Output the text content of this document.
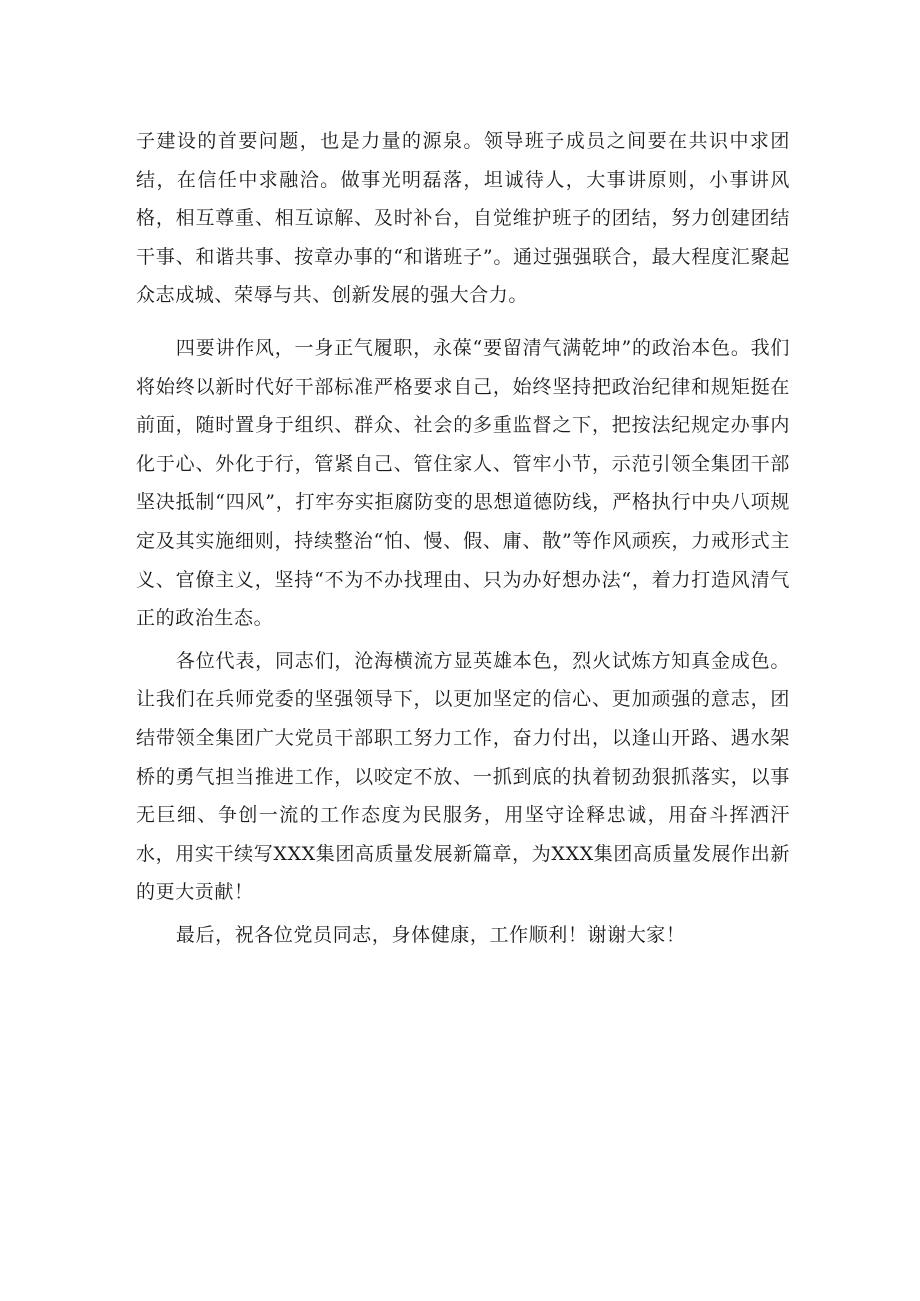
子建设的首要问题，也是力量的源泉。领导班子成员之间要在共识中求团结，在信任中求融洽。做事光明磊落，坦诚待人，大事讲原则，小事讲风格，相互尊重、相互谅解、及时补台，自觉维护班子的团结，努力创建团结干事、和谐共事、按章办事的“和谐班子”。通过强强联合，最大程度汇聚起众志成城、荣辱与共、创新发展的强大合力。

四要讲作风，一身正气履职，永葆“要留清气满乾坤”的政治本色。我们将始终以新时代好干部标准严格要求自己，始终坚持把政治纪律和规矩挺在前面，随时置身于组织、群众、社会的多重监督之下，把按法纪规定办事内化于心、外化于行，管紧自己、管住家人、管牢小节，示范引领全集团干部坚决抵制“四风”，打牢夯实拒腐防变的思想道德防线，严格执行中央八项规定及其实施细则，持续整治“怕、慢、假、庸、散”等作风顽疾，力戒形式主义、官僚主义，坚持“不为不办找理由、只为办好想办法“，着力打造风清气正的政治生态。

各位代表，同志们，沧海横流方显英雄本色，烈火试炼方知真金成色。让我们在兵师党委的坚强领导下，以更加坚定的信心、更加顽强的意志，团结带领全集团广大党员干部职工努力工作，奋力付出，以逢山开路、遇水架桥的勇气担当推进工作，以咬定不放、一抓到底的执着韧劲狠抓落实，以事无巨细、争创一流的工作态度为民服务，用坚守诠释忠诚，用奋斗挥洒汗水，用实干续写XXX集团高质量发展新篇章，为XXX集团高质量发展作出新的更大贡献！

最后，祝各位党员同志，身体健康，工作顺利！谢谢大家！
